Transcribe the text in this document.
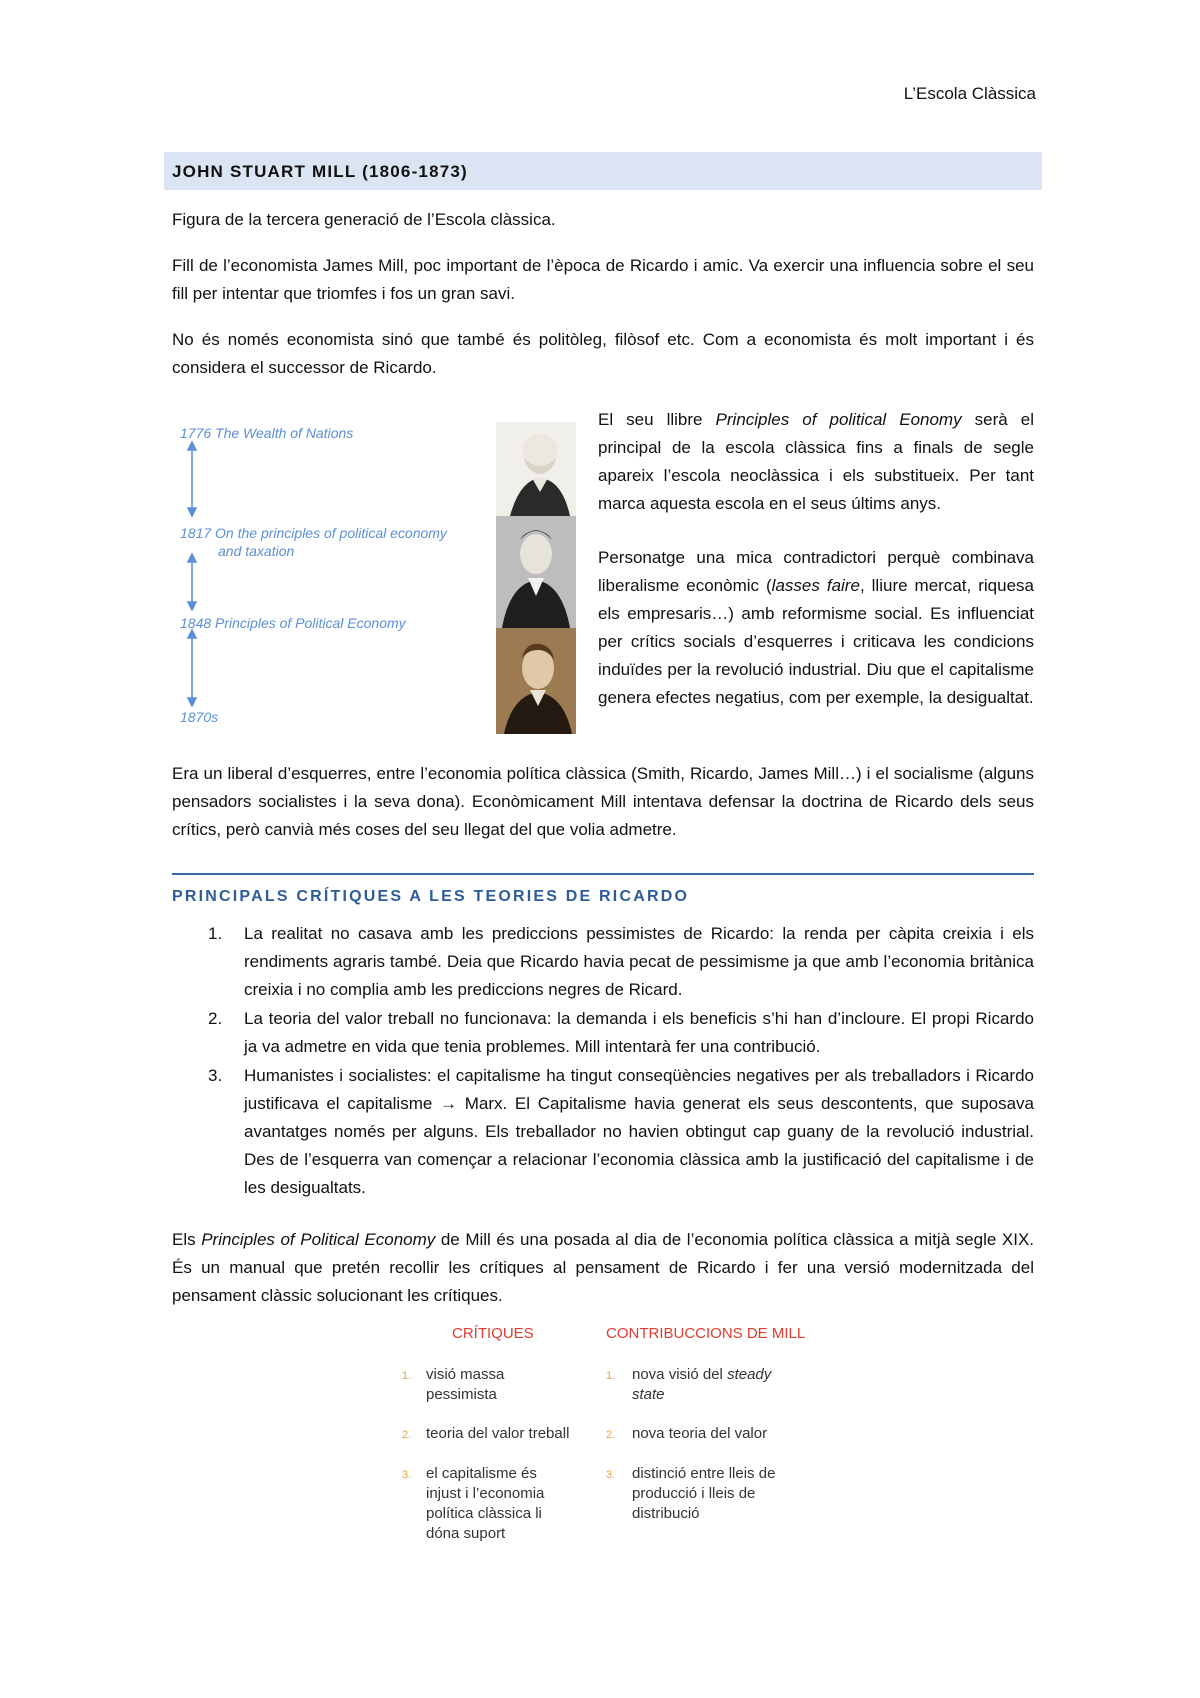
L’Escola Clàssica
JOHN STUART MILL (1806-1873)
Figura de la tercera generació de l’Escola clàssica.
Fill de l’economista James Mill, poc important de l’època de Ricardo i amic. Va exercir una influencia sobre el seu fill per intentar que triomfes i fos un gran savi.
No és només economista sinó que també és politòleg, filòsof etc. Com a economista és molt important i és considera el successor de Ricardo.
1776 The Wealth of Nations
1817 On the principles of political economy
and taxation
1848 Principles of Political Economy
1870s
El seu llibre Principles of political Eonomy serà el principal de la escola clàssica fins a finals de segle apareix l’escola neoclàssica i els substitueix. Per tant marca aquesta escola en el seus últims anys.
Personatge una mica contradictori perquè combinava liberalisme econòmic (lasses faire, lliure mercat, riquesa els empresaris…) amb reformisme social. Es influenciat per crítics socials d’esquerres i criticava les condicions induïdes per la revolució industrial. Diu que el capitalisme genera efectes negatius, com per exemple, la desigualtat.
Era un liberal d’esquerres, entre l’economia política clàssica (Smith, Ricardo, James Mill…) i el socialisme (alguns pensadors socialistes i la seva dona). Econòmicament Mill intentava defensar la doctrina de Ricardo dels seus crítics, però canvià més coses del seu llegat del que volia admetre.
PRINCIPALS CRÍTIQUES A LES TEORIES DE RICARDO
1. La realitat no casava amb les prediccions pessimistes de Ricardo: la renda per càpita creixia i els rendiments agraris també. Deia que Ricardo havia pecat de pessimisme ja que amb l’economia britànica creixia i no complia amb les prediccions negres de Ricard.
2. La teoria del valor treball no funcionava: la demanda i els beneficis s’hi han d’incloure. El propi Ricardo ja va admetre en vida que tenia problemes. Mill intentarà fer una contribució.
3. Humanistes i socialistes: el capitalisme ha tingut conseqüències negatives per als treballadors i Ricardo justificava el capitalisme → Marx. El Capitalisme havia generat els seus descontents, que suposava avantatges només per alguns. Els treballador no havien obtingut cap guany de la revolució industrial. Des de l’esquerra van començar a relacionar l’economia clàssica amb la justificació del capitalisme i de les desigualtats.
Els Principles of Political Economy de Mill és una posada al dia de l’economia política clàssica a mitjà segle XIX. És un manual que pretén recollir les crítiques al pensament de Ricardo i fer una versió modernitzada del pensament clàssic solucionant les crítiques.
CRÍTIQUES	CONTRIBUCCIONS DE MILL
1. visió massa pessimista
2. teoria del valor treball
3. el capitalisme és injust i l’economia política clàssica li dóna suport
1. nova visió del steady state
2. nova teoria del valor
3. distinció entre lleis de producció i lleis de distribució
